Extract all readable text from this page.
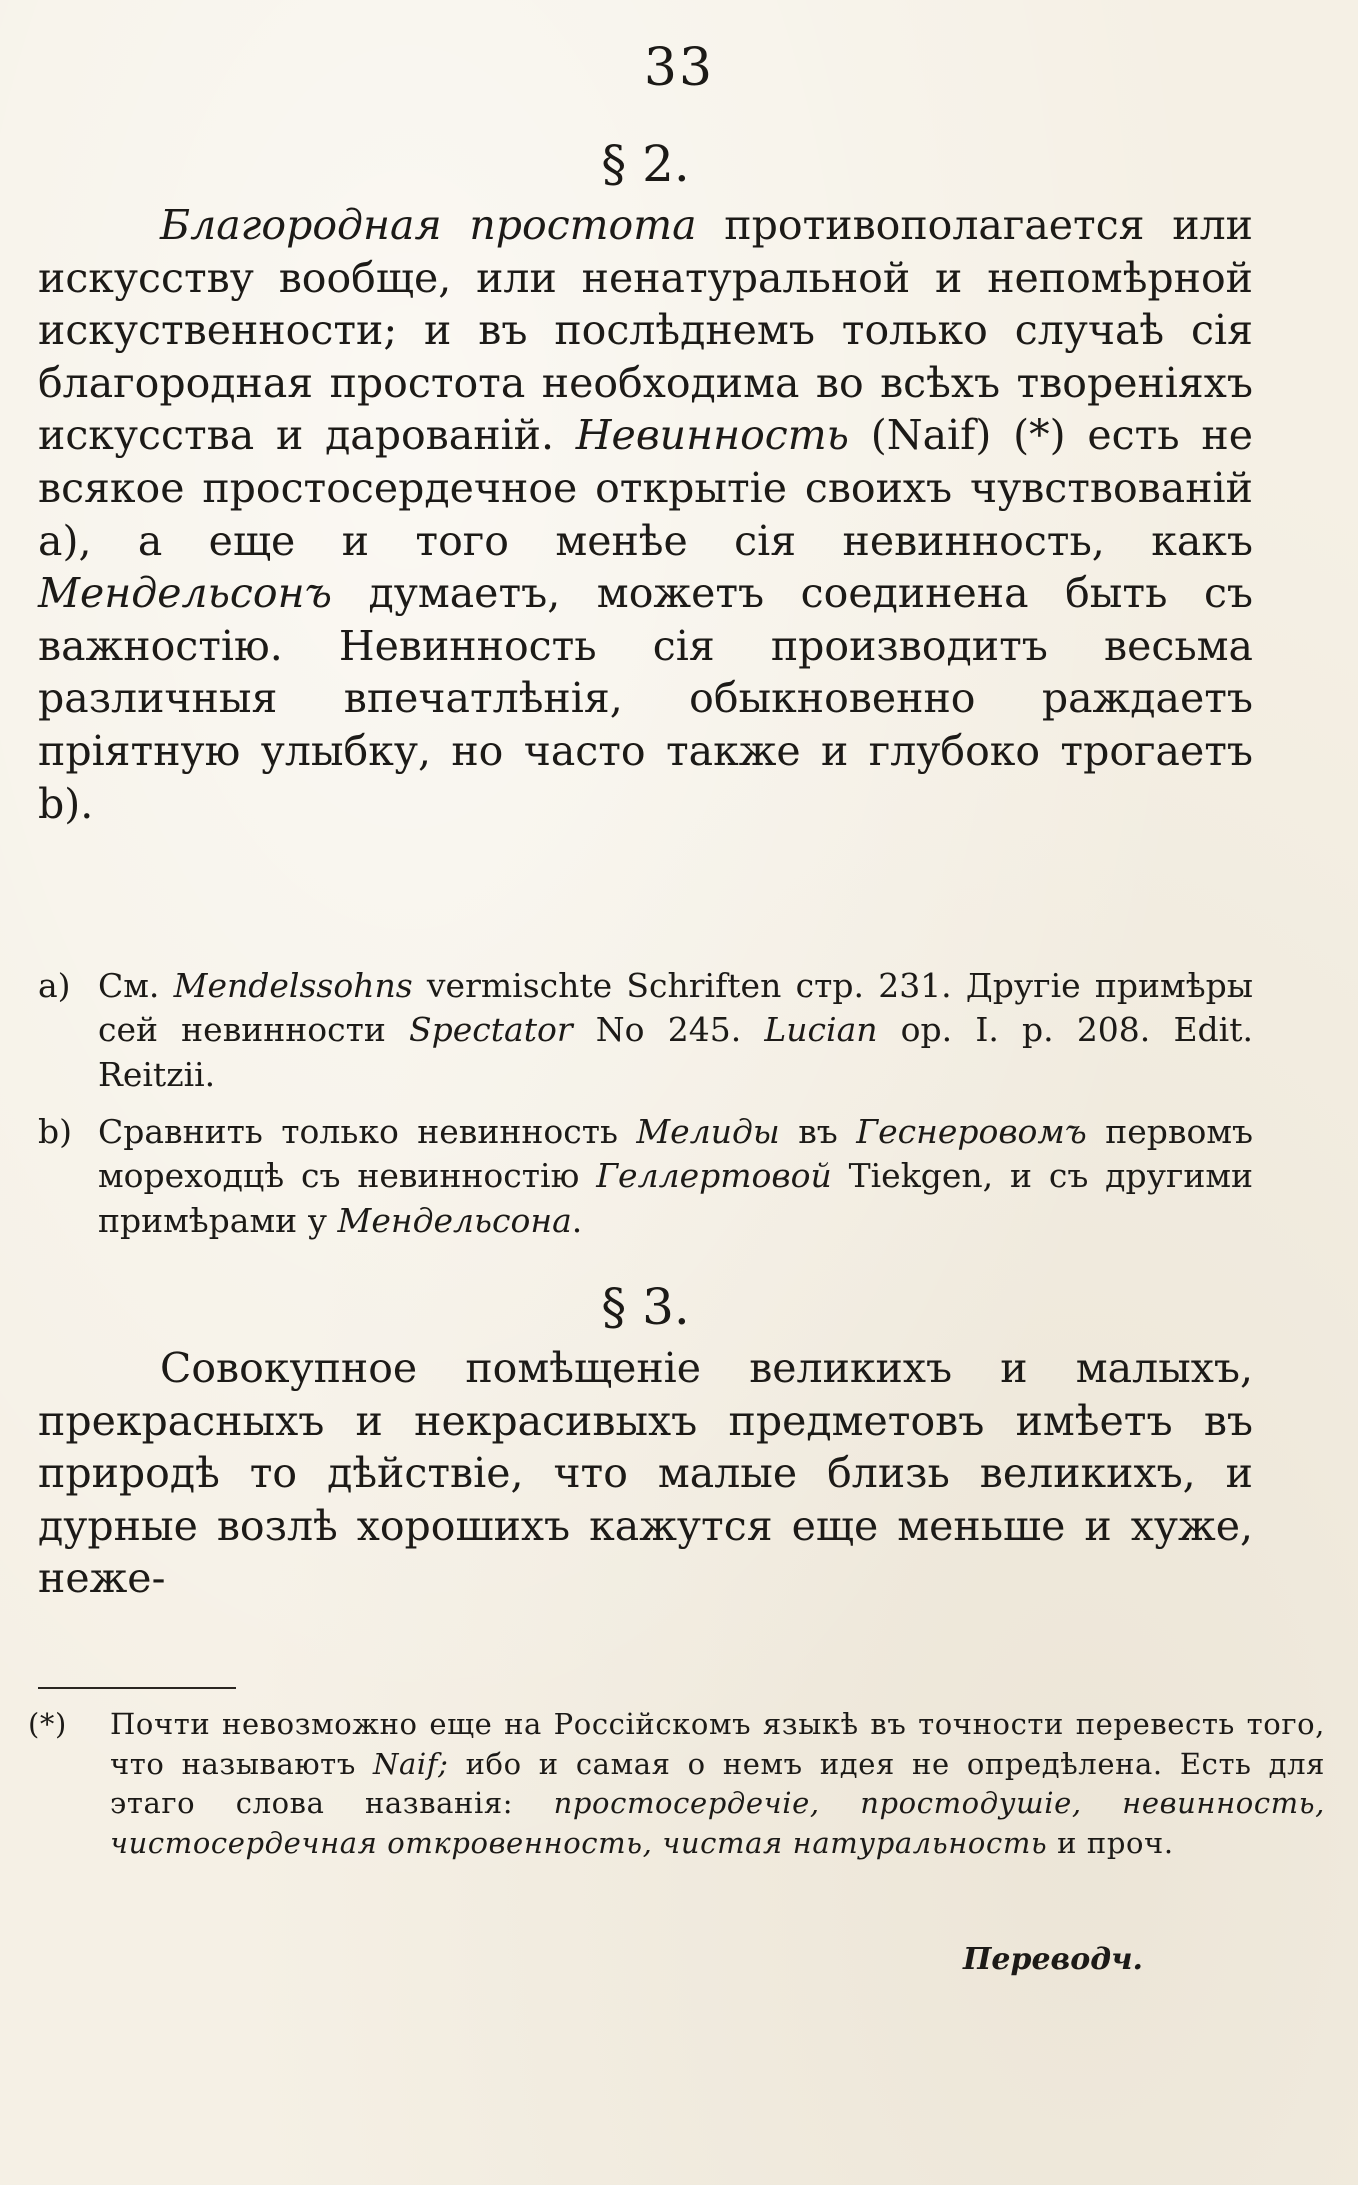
33

§ 2.

Благородная простота противополагается или искусству вообще, или ненатуральной и непомѣрной искуственности; и въ послѣднемъ только случаѣ сія благородная простота необходима во всѣхъ твореніяхъ искусства и дарованій. Невинность (Naif) (*) есть не всякое простосердечное открытіе своихъ чувствованій a), а еще и того менѣе сія невинность, какъ Мендельсонъ думаетъ, можетъ соединена быть съ важностію. Невинность сія производитъ весьма различныя впечатлѣнія, обыкновенно раждаетъ пріятную улыбку, но часто также и глубоко трогаетъ b).

a) См. Mendelssohns vermischte Schriften стр. 231. Другіе примѣры сей невинности Spectator No 245. Lucian op. I. p. 208. Edit. Reitzii.

b) Сравнить только невинность Мелиды въ Геснеровомъ первомъ мореходцѣ съ невинностію Геллертовой Tiekgen, и съ другими примѣрами у Мендельсона.

§ 3.

Совокупное помѣщеніе великихъ и малыхъ, прекрасныхъ и некрасивыхъ предметовъ имѣетъ въ природѣ то дѣйствіе, что малые близь великихъ, и дурные возлѣ хорошихъ кажутся еще меньше и хуже, неже-

(*) Почти невозможно еще на Россійскомъ языкѣ въ точности перевесть того, что называютъ Naif; ибо и самая о немъ идея не опредѣлена. Есть для этаго слова названія: простосердечіе, простодушіе, невинность, чистосердечная откровенность, чистая натуральность и проч.

Переводч.
